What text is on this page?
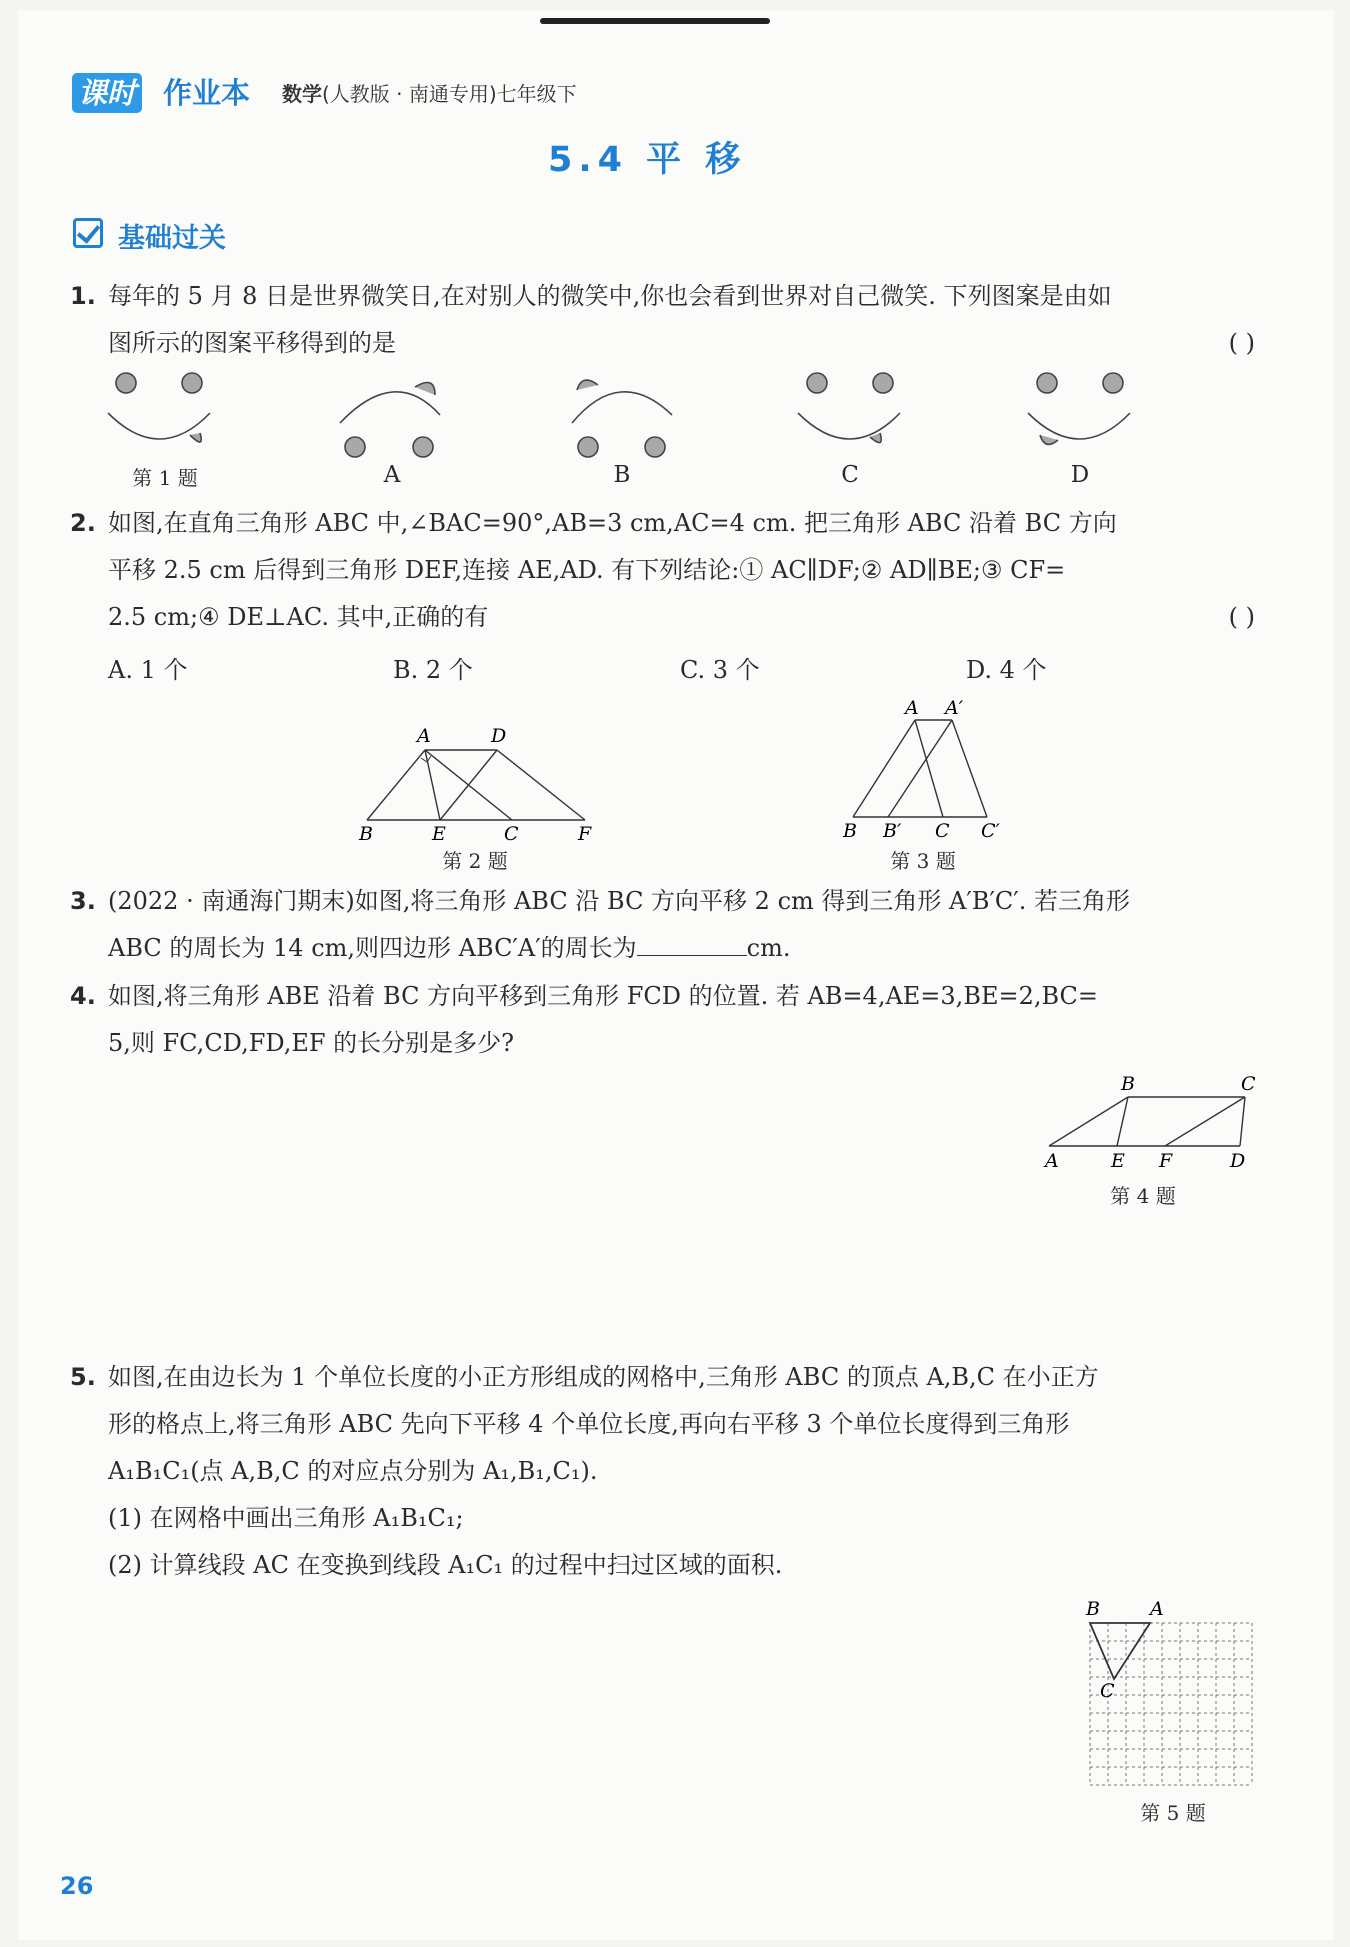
课时 作业本 数学(人教版 · 南通专用)七年级下
5.4 平 移
基础过关
1. 每年的 5 月 8 日是世界微笑日,在对别人的微笑中,你也会看到世界对自己微笑. 下列图案是由如
图所示的图案平移得到的是	( )
第 1 题	A	B	C	D
2. 如图,在直角三角形 ABC 中,∠BAC=90°,AB=3 cm,AC=4 cm. 把三角形 ABC 沿着 BC 方向
平移 2.5 cm 后得到三角形 DEF,连接 AE,AD. 有下列结论:① AC∥DF;② AD∥BE;③ CF=
2.5 cm;④ DE⊥AC. 其中,正确的有	( )
A. 1 个	B. 2 个	C. 3 个	D. 4 个
A	D
B	E	C	F
第 2 题
A A′
B B′ C C′
第 3 题
3. (2022 · 南通海门期末)如图,将三角形 ABC 沿 BC 方向平移 2 cm 得到三角形 A′B′C′. 若三角形
ABC 的周长为 14 cm,则四边形 ABC′A′的周长为	cm.
4. 如图,将三角形 ABE 沿着 BC 方向平移到三角形 FCD 的位置. 若 AB=4,AE=3,BE=2,BC=
5,则 FC,CD,FD,EF 的长分别是多少?
B	C
A	E F	D
第 4 题
5. 如图,在由边长为 1 个单位长度的小正方形组成的网格中,三角形 ABC 的顶点 A,B,C 在小正方
形的格点上,将三角形 ABC 先向下平移 4 个单位长度,再向右平移 3 个单位长度得到三角形
A₁B₁C₁(点 A,B,C 的对应点分别为 A₁,B₁,C₁).
(1) 在网格中画出三角形 A₁B₁C₁;
(2) 计算线段 AC 在变换到线段 A₁C₁ 的过程中扫过区域的面积.
B	A
C
第 5 题
26
